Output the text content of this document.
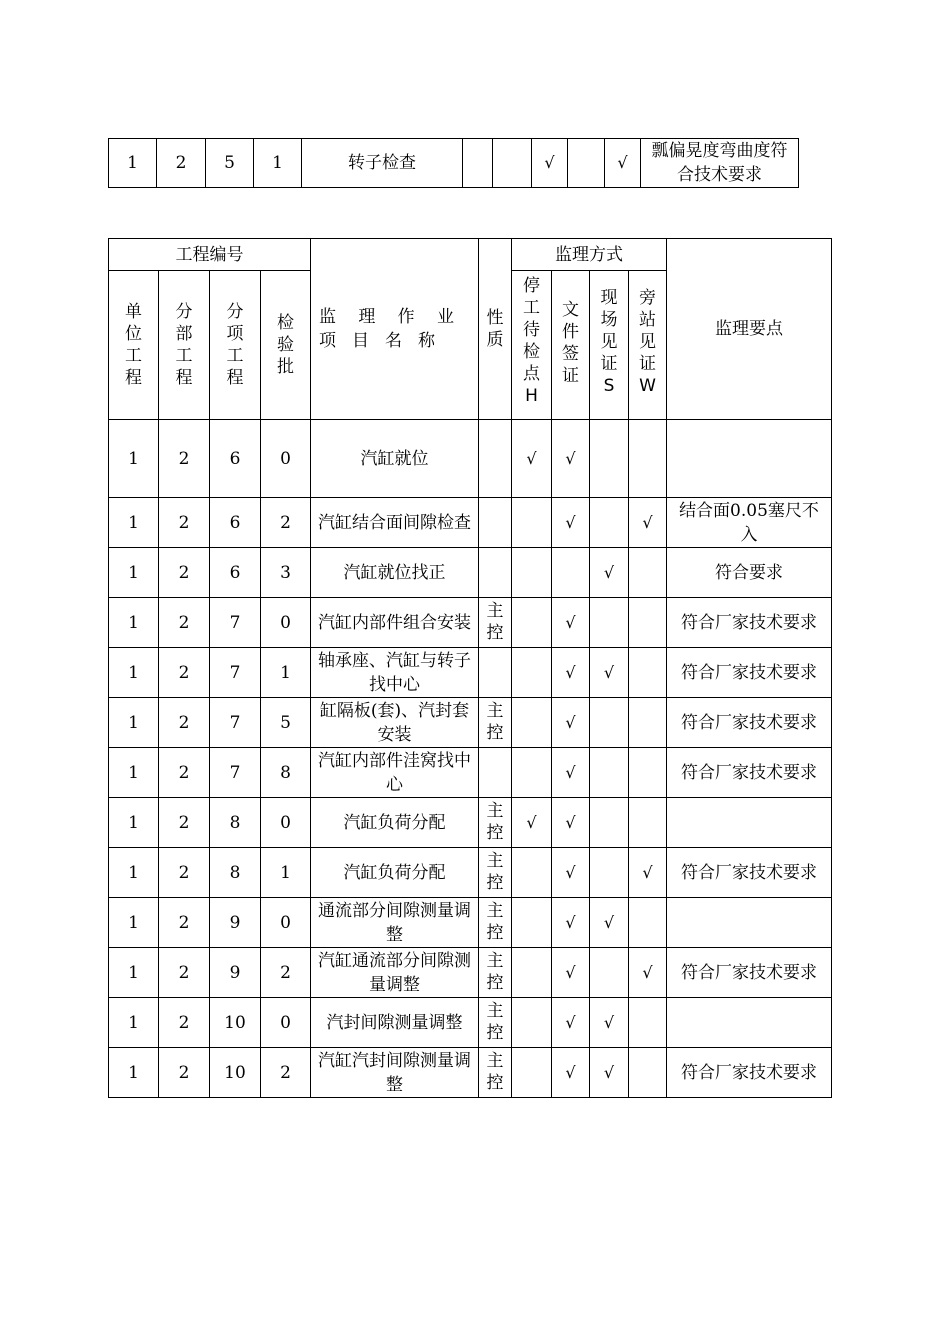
1	2	5	1	转子检查			√		√	瓢偏晃度弯曲度符合技术要求
工程编号				监理作业项目名称	性质	监理方式				监理要点
单位工程	分部工程	分项工程	检验批			停工待检点H	文件签证	现场见证S	旁站见证W	
1	2	6	0	汽缸就位		√	√			
1	2	6	2	汽缸结合面间隙检查			√		√	结合面0.05塞尺不入
1	2	6	3	汽缸就位找正				√		符合要求
1	2	7	0	汽缸内部件组合安装	主控		√			符合厂家技术要求
1	2	7	1	轴承座、汽缸与转子找中心			√	√		符合厂家技术要求
1	2	7	5	缸隔板(套)、汽封套安装	主控		√			符合厂家技术要求
1	2	7	8	汽缸内部件洼窝找中心			√			符合厂家技术要求
1	2	8	0	汽缸负荷分配	主控	√	√			
1	2	8	1	汽缸负荷分配	主控		√		√	符合厂家技术要求
1	2	9	0	通流部分间隙测量调整	主控		√	√		
1	2	9	2	汽缸通流部分间隙测量调整	主控		√		√	符合厂家技术要求
1	2	10	0	汽封间隙测量调整	主控		√	√		
1	2	10	2	汽缸汽封间隙测量调整	主控		√	√		符合厂家技术要求
